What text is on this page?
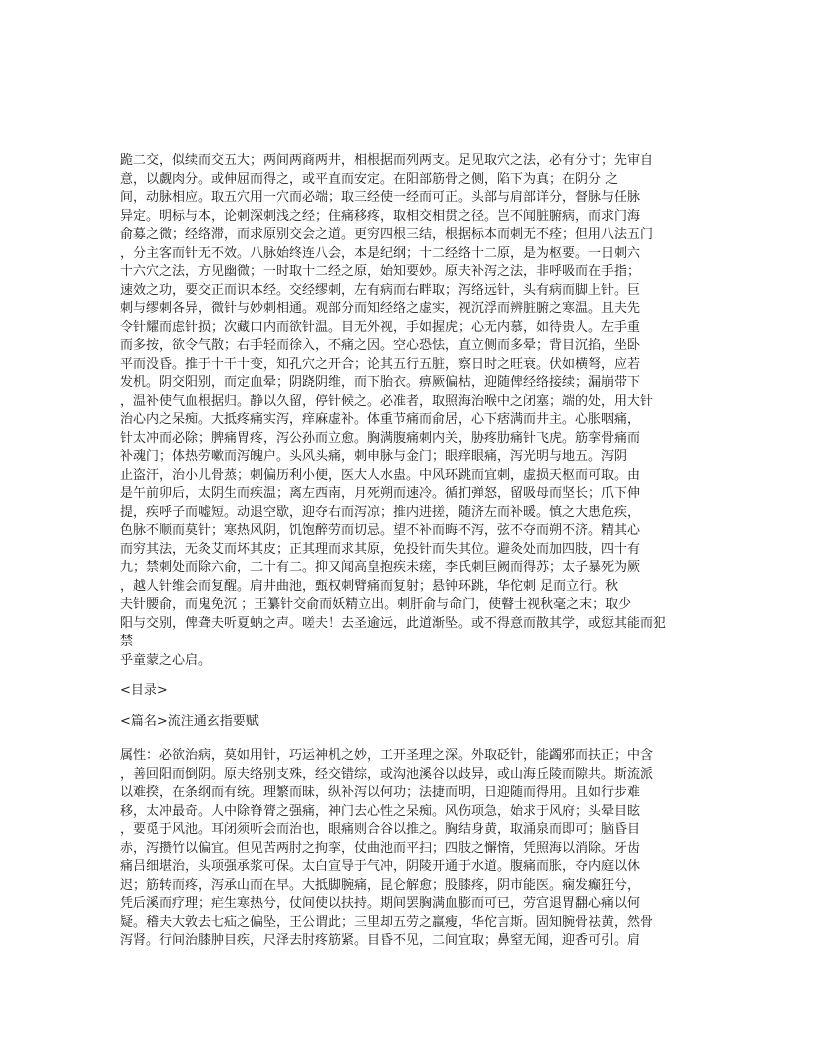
跪二交，似续而交五大；两间两商两井，相根据而列两支。足见取穴之法，必有分寸；先审自
意，以觑肉分。或伸屈而得之，或平直而安定。在阳部筋骨之侧，陷下为真；在阴分 之
间，动脉相应。取五穴用一穴而必端；取三经使一经而可正。头部与肩部详分，督脉与任脉
异定。明标与本，论刺深刺浅之经；住痛移疼，取相交相贯之径。岂不闻脏腑病，而求门海
俞募之微；经络滞，而求原别交会之道。更穷四根三结，根据标本而刺无不痊；但用八法五门
，分主客而针无不效。八脉始终连八会，本是纪纲；十二经络十二原，是为枢要。一日刺六
十六穴之法，方见幽微；一时取十二经之原，始知要妙。原夫补泻之法，非呼吸而在手指；
速效之功，要交正而识本经。交经缪刺，左有病而右畔取；泻络远针，头有病而脚上针。巨
刺与缪刺各异，微针与妙刺相通。观部分而知经络之虚实，视沉浮而辨脏腑之寒温。且夫先
令针耀而虑针损；次藏口内而欲针温。目无外视，手如握虎；心无内慕，如待贵人。左手重
而多按，欲令气散；右手轻而徐入，不痛之因。空心恐怯，直立侧而多晕；背目沉掐，坐卧
平而没昏。推于十干十变，知孔穴之开合；论其五行五脏，察日时之旺衰。伏如横弩，应若
发机。阴交阳别，而定血晕；阴跷阴维，而下胎衣。痹厥偏枯，迎随俾经络接续；漏崩带下
，温补使气血根据归。静以久留，停针候之。必准者，取照海治喉中之闭塞；端的处，用大针
治心内之呆痴。大抵疼痛实泻，痒麻虚补。体重节痛而俞居，心下痞满而井主。心胀咽痛，
针太冲而必除；脾痛胃疼，泻公孙而立愈。胸满腹痛刺内关，胁疼肋痛针飞虎。筋挛骨痛而
补魂门；体热劳嗽而泻魄户。头风头痛，刺申脉与金门；眼痒眼痛，泻光明与地五。泻阴
止盗汗，治小儿骨蒸；刺偏历利小便，医大人水蛊。中风环跳而宜刺，虚损天枢而可取。由
是午前卯后，太阴生而疾温；离左西南，月死朔而速冷。循扪弹怒，留吸母而坚长；爪下伸
提，疾呼子而嘘短。动退空歇，迎夺右而泻凉；推内进搓，随济左而补暖。慎之大患危疾，
色脉不顺而莫针；寒热风阴，饥饱醉劳而切忌。望不补而晦不泻，弦不夺而朔不济。精其心
而穷其法，无灸艾而坏其皮；正其理而求其原，免投针而失其位。避灸处而加四肢，四十有
九；禁刺处而除六俞，二十有二。抑又闻高皇抱疾未瘥，李氏刺巨阙而得苏；太子暴死为厥
，越人针维会而复醒。肩井曲池，甄权刺臂痛而复射；悬钟环跳，华佗刺 足而立行。秋
夫针腰俞，而鬼免沉 ；王纂针交俞而妖精立出。刺肝俞与命门，使瞽士视秋毫之末；取少
阳与交别，俾聋夫听夏蚋之声。嗟夫！去圣逾远，此道渐坠。或不得意而散其学，或愆其能而犯
禁
乎童蒙之心启。

<目录>

<篇名>流注通玄指要赋

属性：必欲治病，莫如用针，巧运神机之妙，工开圣理之深。外取砭针，能蠲邪而扶正；中含
，善回阳而倒阴。原夫络别支殊，经交错综，或沟池溪谷以歧异，或山海丘陵而隙共。斯流派
以难揆，在条纲而有统。理繁而昧，纵补泻以何功；法捷而明，日迎随而得用。且如行步难
移，太冲最奇。人中除脊膂之强痛，神门去心性之呆痴。风伤项急，始求于风府；头晕目眩
，要觅于风池。耳闭须听会而治也，眼痛则合谷以推之。胸结身黄，取涌泉而即可；脑昏目
赤，泻攒竹以偏宜。但见苦两肘之拘挛，仗曲池而平扫；四肢之懈惰，凭照海以消除。牙齿
痛吕细堪治，头项强承浆可保。太白宣导于气冲，阴陵开通于水道。腹痛而胀，夺内庭以休
迟；筋转而疼，泻承山而在早。大抵脚腕痛，昆仑解愈；股膝疼，阴市能医。痫发癫狂兮，
凭后溪而疗理；疟生寒热兮，仗间使以扶持。期间罢胸满血膨而可已，劳宫退胃翻心痛以何
疑。稽夫大敦去七疝之偏坠，王公谓此；三里却五劳之羸瘦，华佗言斯。固知腕骨祛黄，然骨
泻肾。行间治膝肿目疾，尺泽去肘疼筋紧。目昏不见，二间宜取；鼻窒无闻，迎香可引。肩
